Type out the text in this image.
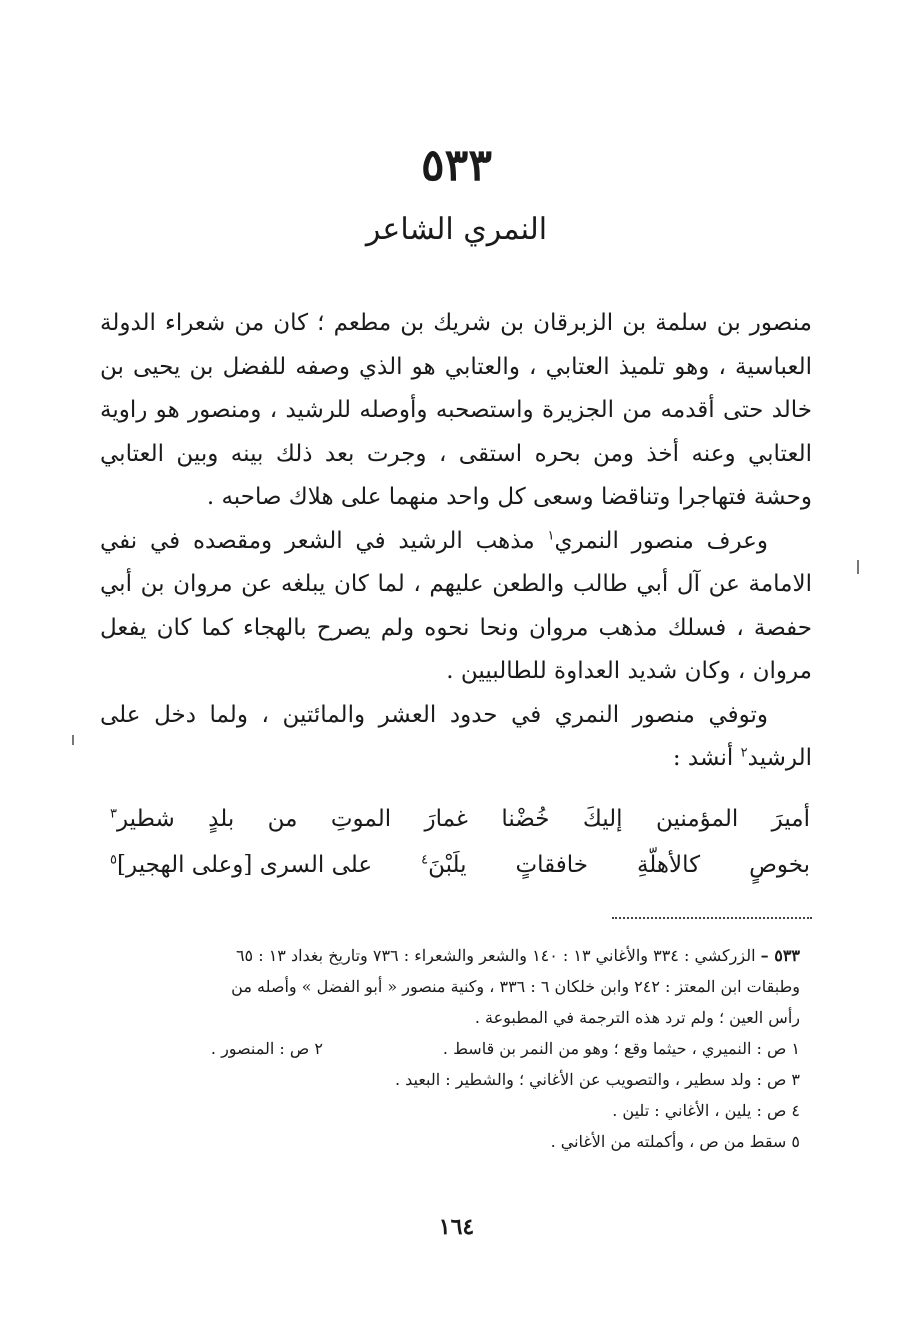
٥٣٣
النمري الشاعر

منصور بن سلمة بن الزبرقان بن شريك بن مطعم ؛ كان من شعراء الدولة العباسية ، وهو تلميذ العتابي ، والعتابي هو الذي وصفه للفضل بن يحيى بن خالد حتى أقدمه من الجزيرة واستصحبه وأوصله للرشيد ، ومنصور هو راوية العتابي وعنه أخذ ومن بحره استقى ، وجرت بعد ذلك بينه وبين العتابي وحشة فتهاجرا وتناقضا وسعى كل واحد منهما على هلاك صاحبه .

وعرف منصور النمري$^١$ مذهب الرشيد في الشعر ومقصده في نفي الامامة عن آل أبي طالب والطعن عليهم ، لما كان يبلغه عن مروان بن أبي حفصة ، فسلك مذهب مروان ونحا نحوه ولم يصرح بالهجاء كما كان يفعل مروان ، وكان شديد العداوة للطالبيين .

وتوفي منصور النمري في حدود العشر والمائتين ، ولما دخل على الرشيد$^٢$ أنشد :

أميرَ
المؤمنين
إليكَ
خُضْنا
غمارَ
الموتِ
من
بلدٍ
شطير$^٣$
بخوصٍ
كالأهلّةِ
خافقاتٍ
يلَبْنَ$^٤$
على السرى [وعلى الهجير]$^٥$
٥٣٣ – الزركشي : ٣٣٤ والأغاني ١٣ : ١٤٠ والشعر والشعراء : ٧٣٦ وتاريخ بغداد ١٣ : ٦٥
وطبقات ابن المعتز : ٢٤٢ وابن خلكان ٦ : ٣٣٦ ، وكنية منصور « أبو الفضل » وأصله من
رأس العين ؛ ولم ترد هذه الترجمة في المطبوعة .
١ ص : النميري ، حيثما وقع ؛ وهو من النمر بن قاسط .
٢ ص : المنصور .
٣ ص : ولد سطير ، والتصويب عن الأغاني ؛ والشطير : البعيد .
٤ ص : يلين ، الأغاني : تلين .
٥ سقط من ص ، وأكملته من الأغاني .
١٦٤
